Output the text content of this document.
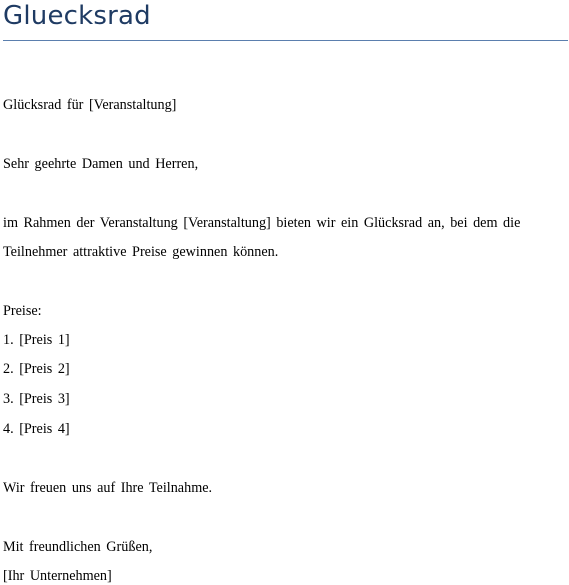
Gluecksrad

Glücksrad für [Veranstaltung]

Sehr geehrte Damen und Herren,

im Rahmen der Veranstaltung [Veranstaltung] bieten wir ein Glücksrad an, bei dem die

Teilnehmer attraktive Preise gewinnen können.

Preise:

1. [Preis 1]

2. [Preis 2]

3. [Preis 3]

4. [Preis 4]

Wir freuen uns auf Ihre Teilnahme.

Mit freundlichen Grüßen,

[Ihr Unternehmen]
